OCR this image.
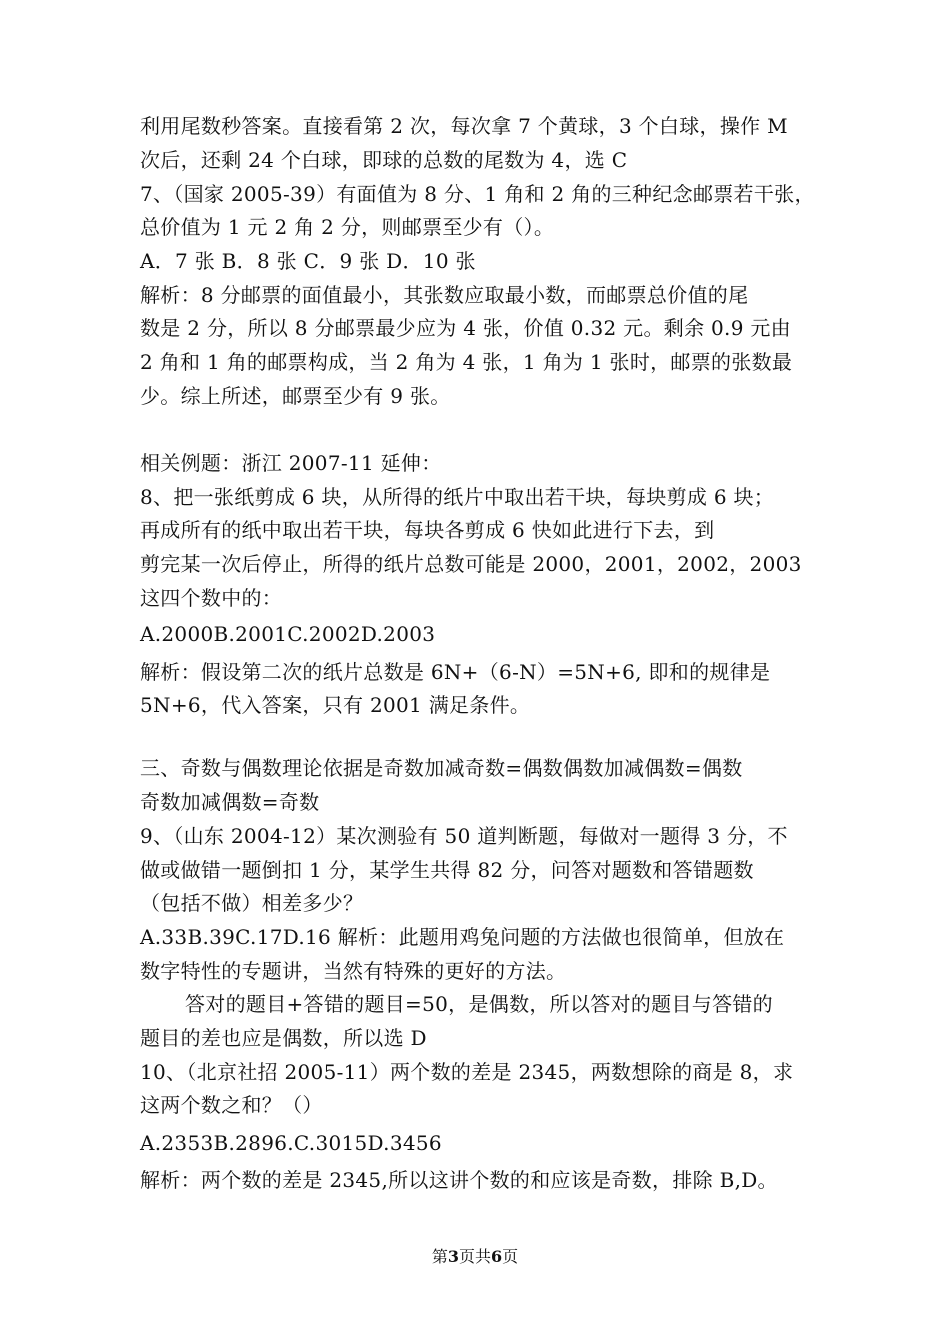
利用尾数秒答案。直接看第 2 次，每次拿 7 个黄球，3 个白球，操作 M
次后，还剩 24 个白球，即球的总数的尾数为 4，选 C
7、（国家 2005-39）有面值为 8 分、1 角和 2 角的三种纪念邮票若干张，
总价值为 1 元 2 角 2 分，则邮票至少有（）。
A．7 张 B．8 张 C．9 张 D．10 张
解析：8 分邮票的面值最小，其张数应取最小数，而邮票总价值的尾
数是 2 分，所以 8 分邮票最少应为 4 张，价值 0.32 元。剩余 0.9 元由
2 角和 1 角的邮票构成，当 2 角为 4 张，1 角为 1 张时，邮票的张数最
少。综上所述，邮票至少有 9 张。
相关例题：浙江 2007-11 延伸：
8、把一张纸剪成 6 块，从所得的纸片中取出若干块，每块剪成 6 块；
再成所有的纸中取出若干块，每块各剪成 6 快如此进行下去，到
剪完某一次后停止，所得的纸片总数可能是 2000，2001，2002，2003
这四个数中的：
A.2000B.2001C.2002D.2003
解析：假设第二次的纸片总数是 6N+（6-N）=5N+6, 即和的规律是
5N+6，代入答案，只有 2001 满足条件。
三、奇数与偶数理论依据是奇数加减奇数=偶数偶数加减偶数=偶数
奇数加减偶数=奇数
9、（山东 2004-12）某次测验有 50 道判断题，每做对一题得 3 分，不
做或做错一题倒扣 1 分，某学生共得 82 分，问答对题数和答错题数
（包括不做）相差多少？
A.33B.39C.17D.16 解析：此题用鸡兔问题的方法做也很简单，但放在
数字特性的专题讲，当然有特殊的更好的方法。
答对的题目+答错的题目=50，是偶数，所以答对的题目与答错的
题目的差也应是偶数，所以选 D
10、（北京社招 2005-11）两个数的差是 2345，两数想除的商是 8，求
这两个数之和？（）
A.2353B.2896.C.3015D.3456
解析：两个数的差是 2345,所以这讲个数的和应该是奇数，排除 B,D。
第3页共6页
